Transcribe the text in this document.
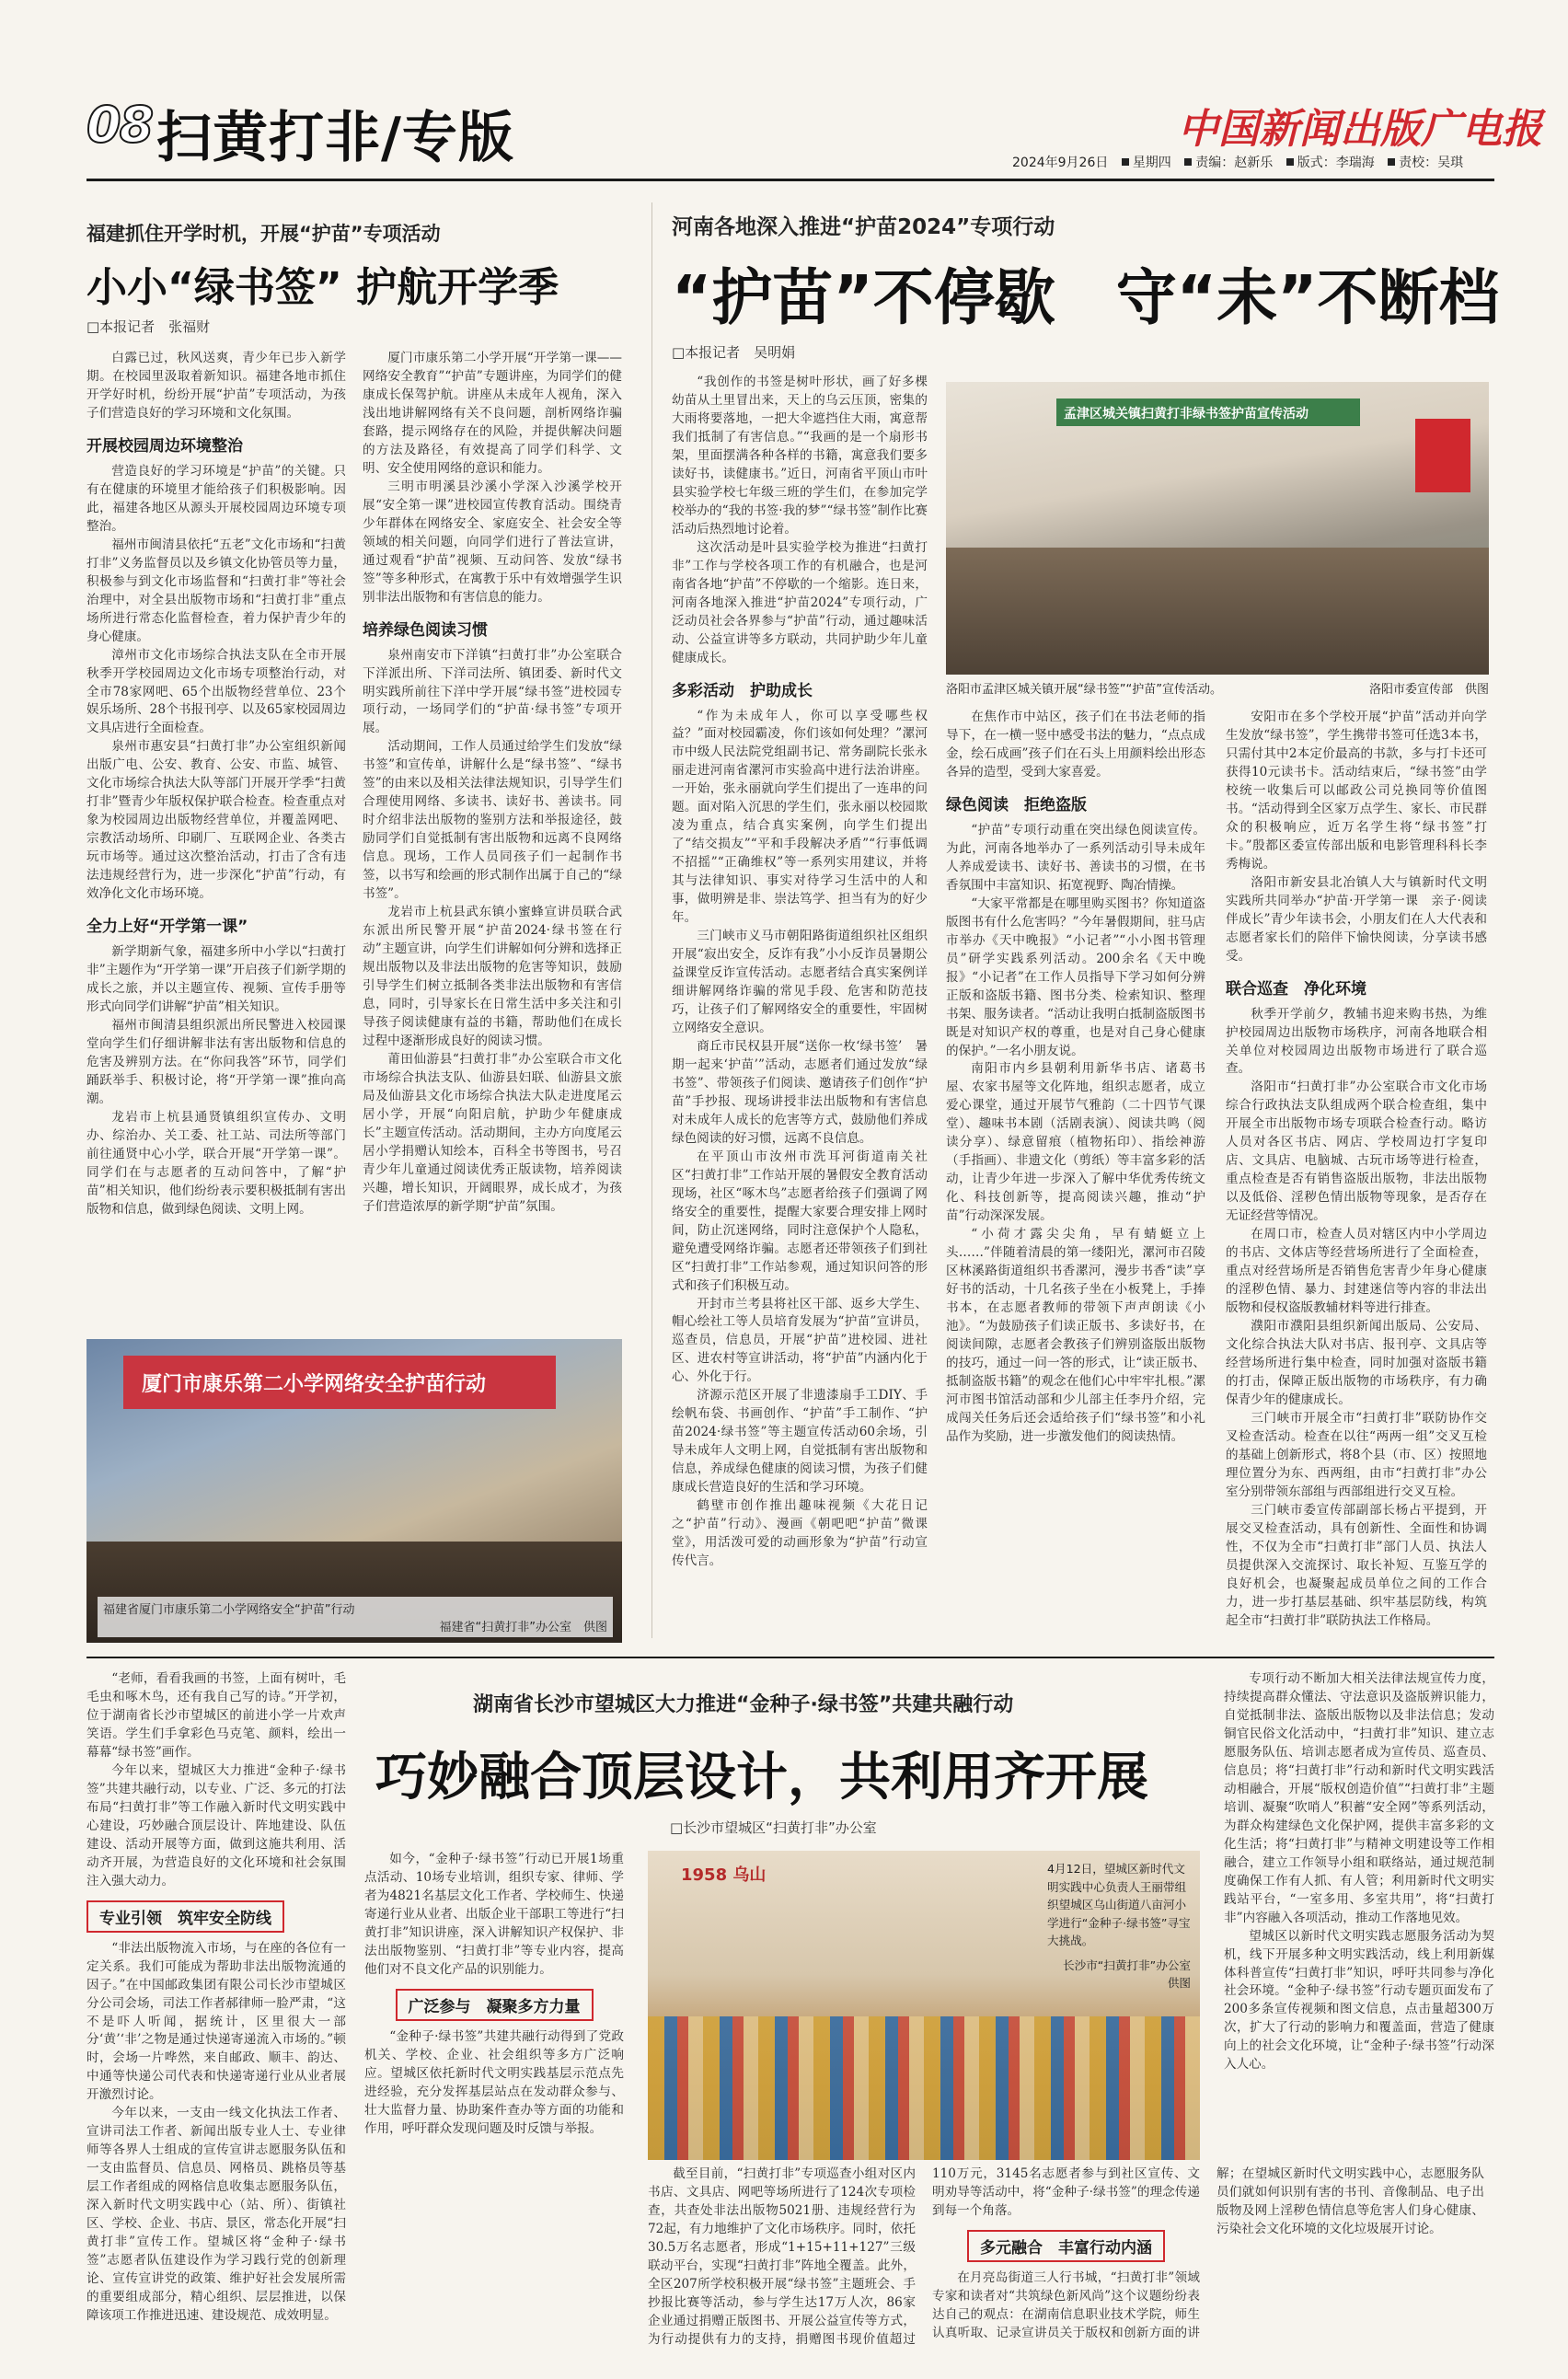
08 扫黄打非/专版	中国新闻出版广电报
2024年9月26日 星期四 责编：赵新乐 版式：李瑞海 责校：吴琪
福建抓住开学时机，开展“护苗”专项活动
小小“绿书签” 护航开学季
□本报记者　张福财

白露已过，秋风送爽，青少年已步入新学期。在校园里汲取着新知识。福建各地市抓住开学好时机，纷纷开展“护苗”专项活动，为孩子们营造良好的学习环境和文化氛围。

开展校园周边环境整治

营造良好的学习环境是“护苗”的关键。只有在健康的环境里才能给孩子们积极影响。因此，福建各地区从源头开展校园周边环境专项整治。

福州市闽清县依托“五老”文化市场和“扫黄打非”义务监督员以及乡镇文化协管员等力量，积极参与到文化市场监督和“扫黄打非”等社会治理中，对全县出版物市场和“扫黄打非”重点场所进行常态化监督检查，着力保护青少年的身心健康。

漳州市文化市场综合执法支队在全市开展秋季开学校园周边文化市场专项整治行动，对全市78家网吧、65个出版物经营单位、23个娱乐场所、28个书报刊亭、以及65家校园周边文具店进行全面检查。

泉州市惠安县“扫黄打非”办公室组织新闻出版广电、公安、教育、公安、市监、城管、文化市场综合执法大队等部门开展开学季“扫黄打非”暨青少年版权保护联合检查。检查重点对象为校园周边出版物经营单位，并覆盖网吧、宗教活动场所、印刷厂、互联网企业、各类古玩市场等。通过这次整治活动，打击了含有违法违规经营行为，进一步深化“护苗”行动，有效净化文化市场环境。

全力上好“开学第一课”

新学期新气象，福建多所中小学以“扫黄打非”主题作为“开学第一课”开启孩子们新学期的成长之旅，并以主题宣传、视频、宣传手册等形式向同学们讲解“护苗”相关知识。

福州市闽清县组织派出所民警进入校园课堂向学生们仔细讲解非法有害出版物和信息的危害及辨别方法。在“你问我答”环节，同学们踊跃举手、积极讨论，将“开学第一课”推向高潮。

龙岩市上杭县通贤镇组织宣传办、文明办、综治办、关工委、社工站、司法所等部门前往通贤中心小学，联合开展“开学第一课”。同学们在与志愿者的互动问答中，了解“护苗”相关知识，他们纷纷表示要积极抵制有害出版物和信息，做到绿色阅读、文明上网。

厦门市康乐第二小学开展“开学第一课——网络安全教育”“护苗”专题讲座，为同学们的健康成长保驾护航。讲座从未成年人视角，深入浅出地讲解网络有关不良问题，剖析网络诈骗套路，提示网络存在的风险，并提供解决问题的方法及路径，有效提高了同学们科学、文明、安全使用网络的意识和能力。

三明市明溪县沙溪小学深入沙溪学校开展“安全第一课”进校园宣传教育活动。围绕青少年群体在网络安全、家庭安全、社会安全等领域的相关问题，向同学们进行了普法宣讲，通过观看“护苗”视频、互动问答、发放“绿书签”等多种形式，在寓教于乐中有效增强学生识别非法出版物和有害信息的能力。

培养绿色阅读习惯

泉州南安市下洋镇“扫黄打非”办公室联合下洋派出所、下洋司法所、镇团委、新时代文明实践所前往下洋中学开展“绿书签”进校园专项行动，一场同学们的“护苗·绿书签”专项开展。

活动期间，工作人员通过给学生们发放“绿书签”和宣传单，讲解什么是“绿书签”、“绿书签”的由来以及相关法律法规知识，引导学生们合理使用网络、多读书、读好书、善读书。同时介绍非法出版物的鉴别方法和举报途径，鼓励同学们自觉抵制有害出版物和远离不良网络信息。现场，工作人员同孩子们一起制作书签，以书写和绘画的形式制作出属于自己的“绿书签”。

龙岩市上杭县武东镇小蜜蜂宣讲员联合武东派出所民警开展“护苗2024·绿书签在行动”主题宣讲，向学生们讲解如何分辨和选择正规出版物以及非法出版物的危害等知识，鼓励引导学生们树立抵制各类非法出版物和有害信息，同时，引导家长在日常生活中多关注和引导孩子阅读健康有益的书籍，帮助他们在成长过程中逐渐形成良好的阅读习惯。

莆田仙游县“扫黄打非”办公室联合市文化市场综合执法支队、仙游县妇联、仙游县文旅局及仙游县文化市场综合执法大队走进度尾云居小学，开展“向阳启航，护助少年健康成长”主题宣传活动。活动期间，主办方向度尾云居小学捐赠认知绘本，百科全书等图书，号召青少年儿童通过阅读优秀正版读物，培养阅读兴趣，增长知识，开阔眼界，成长成才，为孩子们营造浓厚的新学期“护苗”氛围。

厦门市康乐第二小学网络安全护苗行动
福建省厦门市康乐第二小学网络安全“护苗”行动
福建省“扫黄打非”办公室　供图
河南各地深入推进“护苗2024”专项行动
“护苗”不停歇　守“未”不断档
□本报记者　吴明娟

“我创作的书签是树叶形状，画了好多棵幼苗从土里冒出来，天上的乌云压顶，密集的大雨将要落地，一把大伞遮挡住大雨，寓意帮我们抵制了有害信息。”“我画的是一个扇形书架，里面摆满各种各样的书籍，寓意我们要多读好书，读健康书。”近日，河南省平顶山市叶县实验学校七年级三班的学生们，在参加完学校举办的“我的书签·我的梦”“绿书签”制作比赛活动后热烈地讨论着。

这次活动是叶县实验学校为推进“扫黄打非”工作与学校各项工作的有机融合，也是河南省各地“护苗”不停歇的一个缩影。连日来，河南各地深入推进“护苗2024”专项行动，广泛动员社会各界参与“护苗”行动，通过趣味活动、公益宣讲等多方联动，共同护助少年儿童健康成长。

多彩活动　护助成长

“作为未成年人，你可以享受哪些权益？”面对校园霸凌，你们该如何处理？”漯河市中级人民法院党组副书记、常务副院长张永丽走进河南省漯河市实验高中进行法治讲座。一开始，张永丽就向学生们提出了一连串的问题。面对陷入沉思的学生们，张永丽以校园欺凌为重点，结合真实案例，向学生们提出了“结交损友”“平和手段解决矛盾”“行事低调不招摇”“正确维权”等一系列实用建议，并将其与法律知识、事实对待学习生活中的人和事，做明辨是非、崇法笃学、担当有为的好少年。

三门峡市义马市朝阳路街道组织社区组织开展“寂出安全，反诈有我”小小反诈员暑期公益课堂反诈宣传活动。志愿者结合真实案例详细讲解网络诈骗的常见手段、危害和防范技巧，让孩子们了解网络安全的重要性，牢固树立网络安全意识。

商丘市民权县开展“送你一枚‘绿书签’　暑期一起来‘护苗’”活动，志愿者们通过发放“绿书签”、带领孩子们阅读、邀请孩子们创作“护苗”手抄报、现场讲授非法出版物和有害信息对未成年人成长的危害等方式，鼓励他们养成绿色阅读的好习惯，远离不良信息。

在平顶山市汝州市洗耳河街道南关社区“扫黄打非”工作站开展的暑假安全教育活动现场，社区“啄木鸟”志愿者给孩子们强调了网络安全的重要性，提醒大家要合理安排上网时间，防止沉迷网络，同时注意保护个人隐私，避免遭受网络诈骗。志愿者还带领孩子们到社区“扫黄打非”工作站参观，通过知识问答的形式和孩子们积极互动。

开封市兰考县将社区干部、返乡大学生、帽心绘社工等人员培育发展为“护苗”宣讲员，巡查员，信息员，开展“护苗”进校园、进社区、进农村等宣讲活动，将“护苗”内涵内化于心、外化于行。

济源示范区开展了非遗漆扇手工DIY、手绘帆布袋、书画创作、“护苗”手工制作、“护苗2024·绿书签”等主题宣传活动60余场，引导未成年人文明上网，自觉抵制有害出版物和信息，养成绿色健康的阅读习惯，为孩子们健康成长营造良好的生活和学习环境。

鹤壁市创作推出趣味视频《大花日记之“护苗”行动》、漫画《朝吧吧“护苗”微课堂》，用活泼可爱的动画形象为“护苗”行动宣传代言。

孟津区城关镇扫黄打非绿书签护苗宣传活动
洛阳市孟津区城关镇开展“绿书签”“护苗”宣传活动。	洛阳市委宣传部　供图

在焦作市中站区，孩子们在书法老师的指导下，在一横一竖中感受书法的魅力，“点点成金，绘石成画”孩子们在石头上用颜料绘出形态各异的造型，受到大家喜爱。

绿色阅读　拒绝盗版

“护苗”专项行动重在突出绿色阅读宣传。为此，河南各地举办了一系列活动引导未成年人养成爱读书、读好书、善读书的习惯，在书香氛围中丰富知识、拓宽视野、陶冶情操。

“大家平常都是在哪里购买图书？你知道盗版图书有什么危害吗？”今年暑假期间，驻马店市举办《天中晚报》“小记者”“小小图书管理员”研学实践系列活动。200余名《天中晚报》“小记者”在工作人员指导下学习如何分辨正版和盗版书籍、图书分类、检索知识、整理书架、服务读者。“活动让我明白抵制盗版图书既是对知识产权的尊重，也是对自己身心健康的保护。”一名小朋友说。

南阳市内乡县朝利用新华书店、诸葛书屋、农家书屋等文化阵地，组织志愿者，成立爱心课堂，通过开展节气雅韵（二十四节气课堂）、趣味书本剧（活剧表演）、阅读共鸣（阅读分享）、绿意留痕（植物拓印）、指绘神游（手指画）、非遗文化（剪纸）等丰富多彩的活动，让青少年进一步深入了解中华优秀传统文化、科技创新等，提高阅读兴趣，推动“护苗”行动深深发展。

“小荷才露尖尖角，早有蜻蜓立上头……”伴随着清晨的第一缕阳光，漯河市召陵区林溪路街道组织书香漯河，漫步书香“读”享好书的活动，十几名孩子坐在小板凳上，手捧书本，在志愿者教师的带领下声声朗读《小池》。“为鼓励孩子们读正版书、多读好书，在阅读间隙，志愿者会教孩子们辨别盗版出版物的技巧，通过一问一答的形式，让“读正版书、抵制盗版书籍”的观念在他们心中牢牢扎根。”漯河市图书馆活动部和少儿部主任李丹介绍，完成闯关任务后还会适给孩子们“绿书签”和小礼品作为奖励，进一步激发他们的阅读热情。

安阳市在多个学校开展“护苗”活动并向学生发放“绿书签”，学生携带书签可任选3本书，只需付其中2本定价最高的书款，多与打卡还可获得10元读书卡。活动结束后，“绿书签”由学校统一收集后可以邮政公司兑换同等价值图书。“活动得到全区家万点学生、家长、市民群众的积极响应，近万名学生将“绿书签”打卡。”殷都区委宣传部出版和电影管理科科长李秀梅说。

洛阳市新安县北冶镇人大与镇新时代文明实践所共同举办“护苗·开学第一课　亲子·阅读伴成长”青少年读书会，小朋友们在人大代表和志愿者家长们的陪伴下愉快阅读，分享读书感受。

联合巡查　净化环境

秋季开学前夕，教辅书迎来购书热，为维护校园周边出版物市场秩序，河南各地联合相关单位对校园周边出版物市场进行了联合巡查。

洛阳市“扫黄打非”办公室联合市文化市场综合行政执法支队组成两个联合检查组，集中开展全市出版物市场专项联合检查行动。略访人员对各区书店、网店、学校周边打字复印店、文具店、电脑城、古玩市场等进行检查，重点检查是否有销售盗版出版物，非法出版物以及低俗、淫秽色情出版物等现象，是否存在无证经营等情况。

在周口市，检查人员对辖区内中小学周边的书店、文体店等经营场所进行了全面检查，重点对经营场所是否销售危害青少年身心健康的淫秽色情、暴力、封建迷信等内容的非法出版物和侵权盗版教辅材料等进行排查。

濮阳市濮阳县组织新闻出版局、公安局、文化综合执法大队对书店、报刊亭、文具店等经营场所进行集中检查，同时加强对盗版书籍的打击，保障正版出版物的市场秩序，有力确保青少年的健康成长。

三门峡市开展全市“扫黄打非”联防协作交叉检查活动。检查在以往“两两一组”交叉互检的基础上创新形式，将8个县（市、区）按照地理位置分为东、西两组，由市“扫黄打非”办公室分别带领东部组与西部组进行交叉互检。

三门峡市委宣传部副部长杨占平提到，开展交叉检查活动，具有创新性、全面性和协调性，不仅为全市“扫黄打非”部门人员、执法人员提供深入交流探讨、取长补短、互鉴互学的良好机会，也凝聚起成员单位之间的工作合力，进一步打基层基础、织牢基层防线，构筑起全市“扫黄打非”联防执法工作格局。

“老师，看看我画的书签，上面有树叶，毛毛虫和啄木鸟，还有我自己写的诗。”开学初，位于湖南省长沙市望城区的前进小学一片欢声笑语。学生们手拿彩色马克笔、颜料，绘出一幕幕“绿书签”画作。

今年以来，望城区大力推进“金种子·绿书签”共建共融行动，以专业、广泛、多元的打法布局“扫黄打非”等工作融入新时代文明实践中心建设，巧妙融合顶层设计、阵地建设、队伍建设、活动开展等方面，做到这施共利用、活动齐开展，为营造良好的文化环境和社会氛围注入强大动力。

专业引领　筑牢安全防线

“非法出版物流入市场，与在座的各位有一定关系。我们可能成为帮助非法出版物流通的因子。”在中国邮政集团有限公司长沙市望城区分公司会场，司法工作者郝律师一脸严肃，“这不是吓人听闻，据统计，区里很大一部分‘黄’‘非’之物是通过快递寄递流入市场的。”顿时，会场一片哗然，来自邮政、顺丰、韵达、中通等快递公司代表和快递寄递行业从业者展开激烈讨论。

今年以来，一支由一线文化执法工作者、宣讲司法工作者、新闻出版专业人士、专业律师等各界人士组成的宣传宣讲志愿服务队伍和一支由监督员、信息员、网格员、跳格员等基层工作者组成的网格信息收集志愿服务队伍，深入新时代文明实践中心（站、所）、街镇社区、学校、企业、书店、景区，常态化开展“扫黄打非”宣传工作。望城区将“金种子·绿书签”志愿者队伍建设作为学习践行党的创新理论、宣传宣讲党的政策、维护好社会发展所需的重要组成部分，精心组织、层层推进，以保障该项工作推进迅速、建设规范、成效明显。

湖南省长沙市望城区大力推进“金种子·绿书签”共建共融行动
巧妙融合顶层设计，共利用齐开展
□长沙市望城区“扫黄打非”办公室

如今，“金种子·绿书签”行动已开展1场重点活动、10场专业培训，组织专家、律师、学者为4821名基层文化工作者、学校师生、快递寄递行业从业者、出版企业干部职工等进行“扫黄打非”知识讲座，深入讲解知识产权保护、非法出版物鉴别、“扫黄打非”等专业内容，提高他们对不良文化产品的识别能力。

广泛参与　凝聚多方力量

“金种子·绿书签”共建共融行动得到了党政机关、学校、企业、社会组织等多方广泛响应。望城区依托新时代文明实践基层示范点先进经验，充分发挥基层站点在发动群众参与、壮大监督力量、协助案件查办等方面的功能和作用，呼吁群众发现问题及时反馈与举报。

1958 乌山	4月12日，望城区新时代文明实践中心负责人王丽带组织望城区乌山街道八亩河小学进行“金种子·绿书签”寻宝大挑战。
长沙市“扫黄打非”办公室　供图

截至目前，“扫黄打非”专项巡查小组对区内书店、文具店、网吧等场所进行了124次专项检查，共查处非法出版物5021册、违规经营行为72起，有力地维护了文化市场秩序。同时，依托30.5万名志愿者，形成“1+15+11+127”三级联动平台，实现“扫黄打非”阵地全覆盖。此外，全区207所学校积极开展“绿书签”主题班会、手抄报比赛等活动，参与学生达17万人次，86家企业通过捐赠正版图书、开展公益宣传等方式，为行动提供有力的支持，捐赠图书现价值超过110万元，3145名志愿者参与到社区宣传、文明劝导等活动中，将“金种子·绿书签”的理念传递到每一个角落。

多元融合　丰富行动内涵

在月亮岛街道三人行书城，“扫黄打非”领域专家和读者对“共筑绿色新风尚”这个议题纷纷表达自己的观点：在湖南信息职业技术学院，师生认真听取、记录宣讲员关于版权和创新方面的讲解；在望城区新时代文明实践中心，志愿服务队员们就如何识别有害的书刊、音像制品、电子出版物及网上淫秽色情信息等危害人们身心健康、污染社会文化环境的文化垃圾展开讨论。

专项行动不断加大相关法律法规宣传力度，持续提高群众懂法、守法意识及盗版辨识能力，自觉抵制非法、盗版出版物以及非法信息；发动铜官民俗文化活动中，“扫黄打非”知识、建立志愿服务队伍、培训志愿者成为宣传员、巡查员、信息员；将“扫黄打非”行动和新时代文明实践活动相融合，开展“版权创造价值”“扫黄打非”主题培训、凝聚“吹哨人”积蓄“安全网”等系列活动，为群众构建绿色文化保护网，提供丰富多彩的文化生活；将“扫黄打非”与精神文明建设等工作相融合，建立工作领导小组和联络站，通过规范制度确保工作有人抓、有人管；利用新时代文明实践站平台，“一室多用、多室共用”，将“扫黄打非”内容融入各项活动，推动工作落地见效。

望城区以新时代文明实践志愿服务活动为契机，线下开展多种文明实践活动，线上利用新媒体科普宣传“扫黄打非”知识，呼吁共同参与净化社会环境。“金种子·绿书签”行动专题页面发布了200多条宣传视频和图文信息，点击量超300万次，扩大了行动的影响力和覆盖面，营造了健康向上的社会文化环境，让“金种子·绿书签”行动深入人心。
